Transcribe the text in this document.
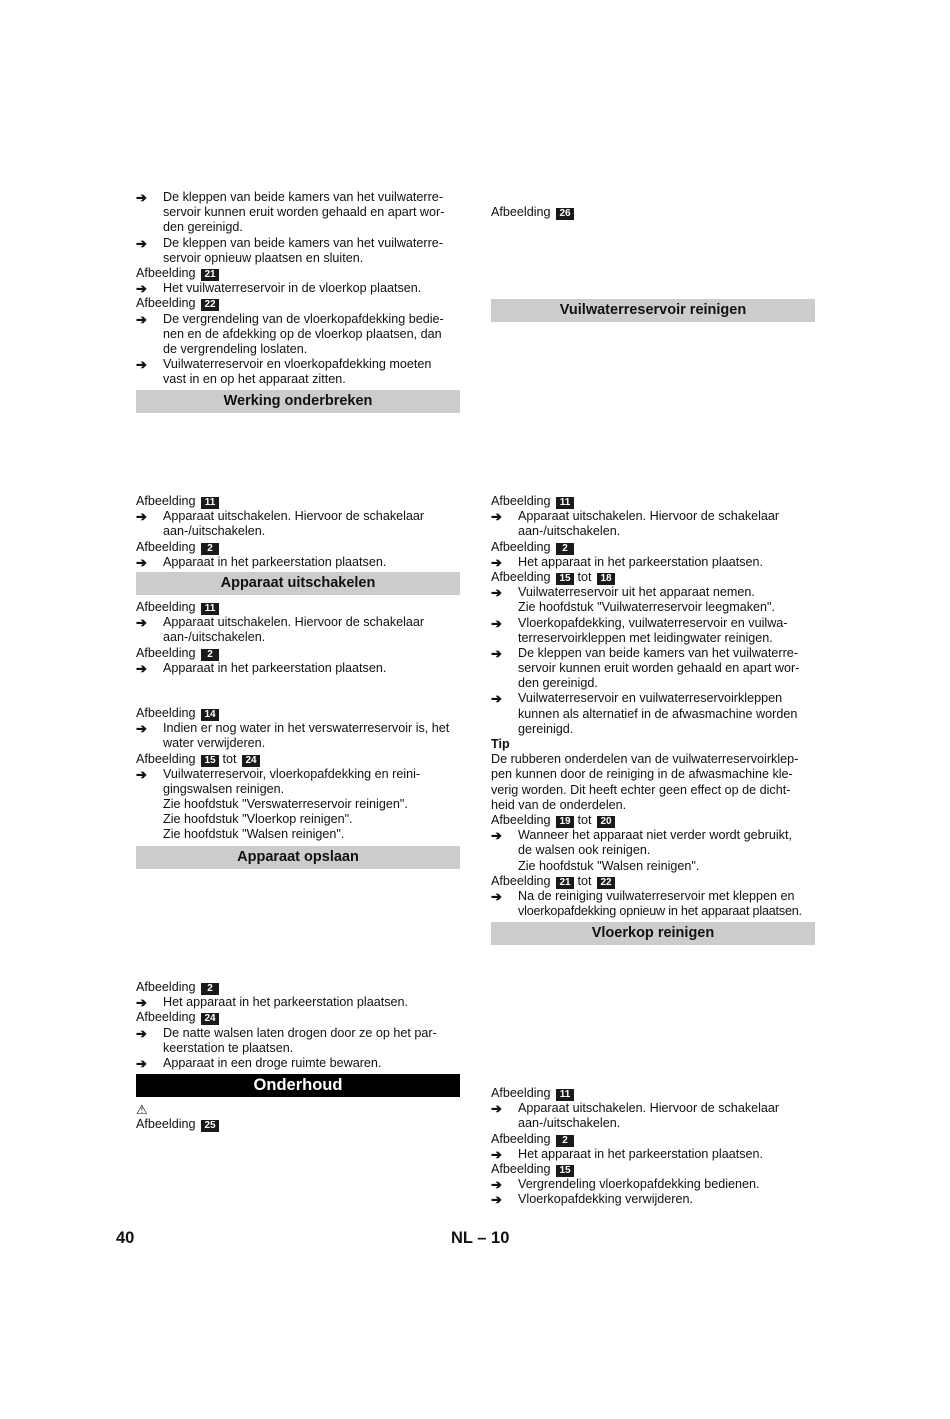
➔ De kleppen van beide kamers van het vuilwaterre-
servoir kunnen eruit worden gehaald en apart wor-
den gereinigd.
➔ De kleppen van beide kamers van het vuilwaterre-
servoir opnieuw plaatsen en sluiten.
Afbeelding 21
➔ Het vuilwaterreservoir in de vloerkop plaatsen.
Afbeelding 22
➔ De vergrendeling van de vloerkopafdekking bedie-
nen en de afdekking op de vloerkop plaatsen, dan
de vergrendeling loslaten.
➔ Vuilwaterreservoir en vloerkopafdekking moeten
vast in en op het apparaat zitten.
Werking onderbreken
Afbeelding 11
➔ Apparaat uitschakelen. Hiervoor de schakelaar
aan-/uitschakelen.
Afbeelding 2
➔ Apparaat in het parkeerstation plaatsen.
Apparaat uitschakelen
Afbeelding 11
➔ Apparaat uitschakelen. Hiervoor de schakelaar
aan-/uitschakelen.
Afbeelding 2
➔ Apparaat in het parkeerstation plaatsen.
Afbeelding 14
➔ Indien er nog water in het verswaterreservoir is, het
water verwijderen.
Afbeelding 15 tot 24
➔ Vuilwaterreservoir, vloerkopafdekking en reini-
gingswalsen reinigen.
Zie hoofdstuk "Verswaterreservoir reinigen".
Zie hoofdstuk "Vloerkop reinigen".
Zie hoofdstuk "Walsen reinigen".
Apparaat opslaan
Afbeelding 2
➔ Het apparaat in het parkeerstation plaatsen.
Afbeelding 24
➔ De natte walsen laten drogen door ze op het par-
keerstation te plaatsen.
➔ Apparaat in een droge ruimte bewaren.
Onderhoud
⚠
Afbeelding 25
Afbeelding 26
Vuilwaterreservoir reinigen
Afbeelding 11
➔ Apparaat uitschakelen. Hiervoor de schakelaar
aan-/uitschakelen.
Afbeelding 2
➔ Het apparaat in het parkeerstation plaatsen.
Afbeelding 15 tot 18
➔ Vuilwaterreservoir uit het apparaat nemen.
Zie hoofdstuk "Vuilwaterreservoir leegmaken".
➔ Vloerkopafdekking, vuilwaterreservoir en vuilwa-
terreservoirkleppen met leidingwater reinigen.
➔ De kleppen van beide kamers van het vuilwaterre-
servoir kunnen eruit worden gehaald en apart wor-
den gereinigd.
➔ Vuilwaterreservoir en vuilwaterreservoirkleppen
kunnen als alternatief in de afwasmachine worden
gereinigd.
Tip
De rubberen onderdelen van de vuilwaterreservoirklep-
pen kunnen door de reiniging in de afwasmachine kle-
verig worden. Dit heeft echter geen effect op de dicht-
heid van de onderdelen.
Afbeelding 19 tot 20
➔ Wanneer het apparaat niet verder wordt gebruikt,
de walsen ook reinigen.
Zie hoofdstuk "Walsen reinigen".
Afbeelding 21 tot 22
➔ Na de reiniging vuilwaterreservoir met kleppen en
vloerkopafdekking opnieuw in het apparaat plaatsen.
Vloerkop reinigen
Afbeelding 11
➔ Apparaat uitschakelen. Hiervoor de schakelaar
aan-/uitschakelen.
Afbeelding 2
➔ Het apparaat in het parkeerstation plaatsen.
Afbeelding 15
➔ Vergrendeling vloerkopafdekking bedienen.
➔ Vloerkopafdekking verwijderen.
40	NL – 10
